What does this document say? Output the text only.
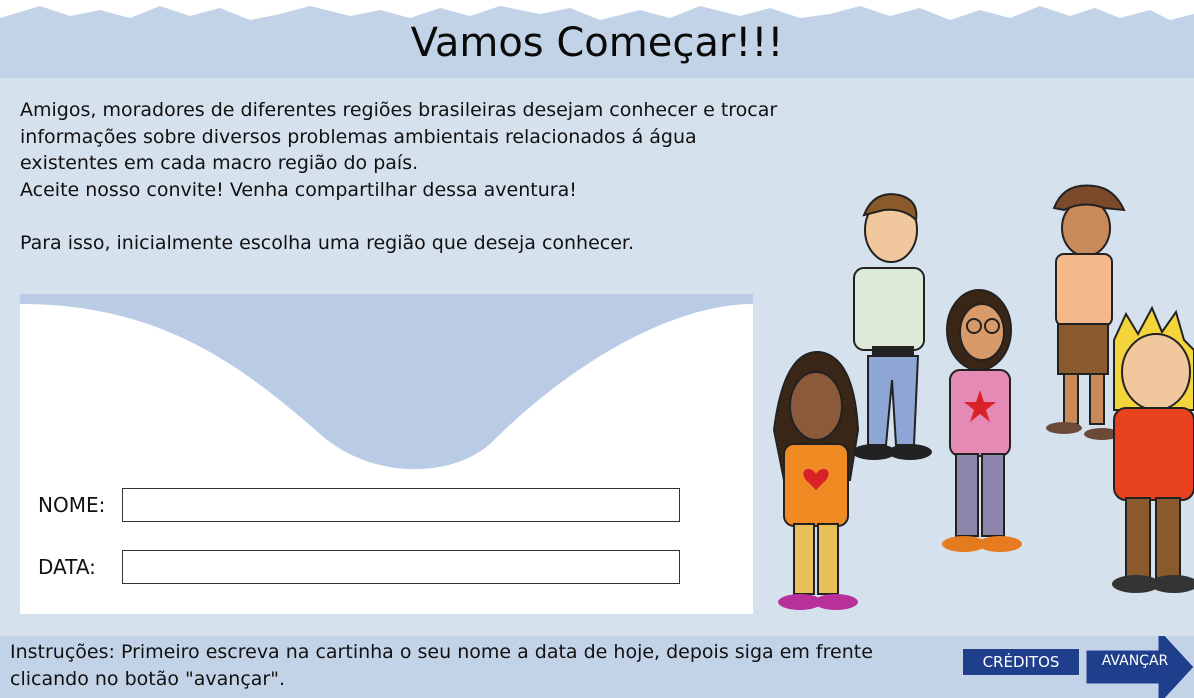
Vamos Começar!!!

Amigos, moradores de diferentes regiões brasileiras desejam conhecer e trocar informações sobre diversos problemas ambientais relacionados á água existentes em cada macro região do país.

Aceite nosso convite! Venha compartilhar dessa aventura!

Para isso, inicialmente escolha uma região que deseja conhecer.

NOME:
DATA:

Instruções: Primeiro escreva na cartinha o seu nome a data de hoje, depois siga em frente clicando no botão "avançar".

CRÉDITOS	AVANÇAR
